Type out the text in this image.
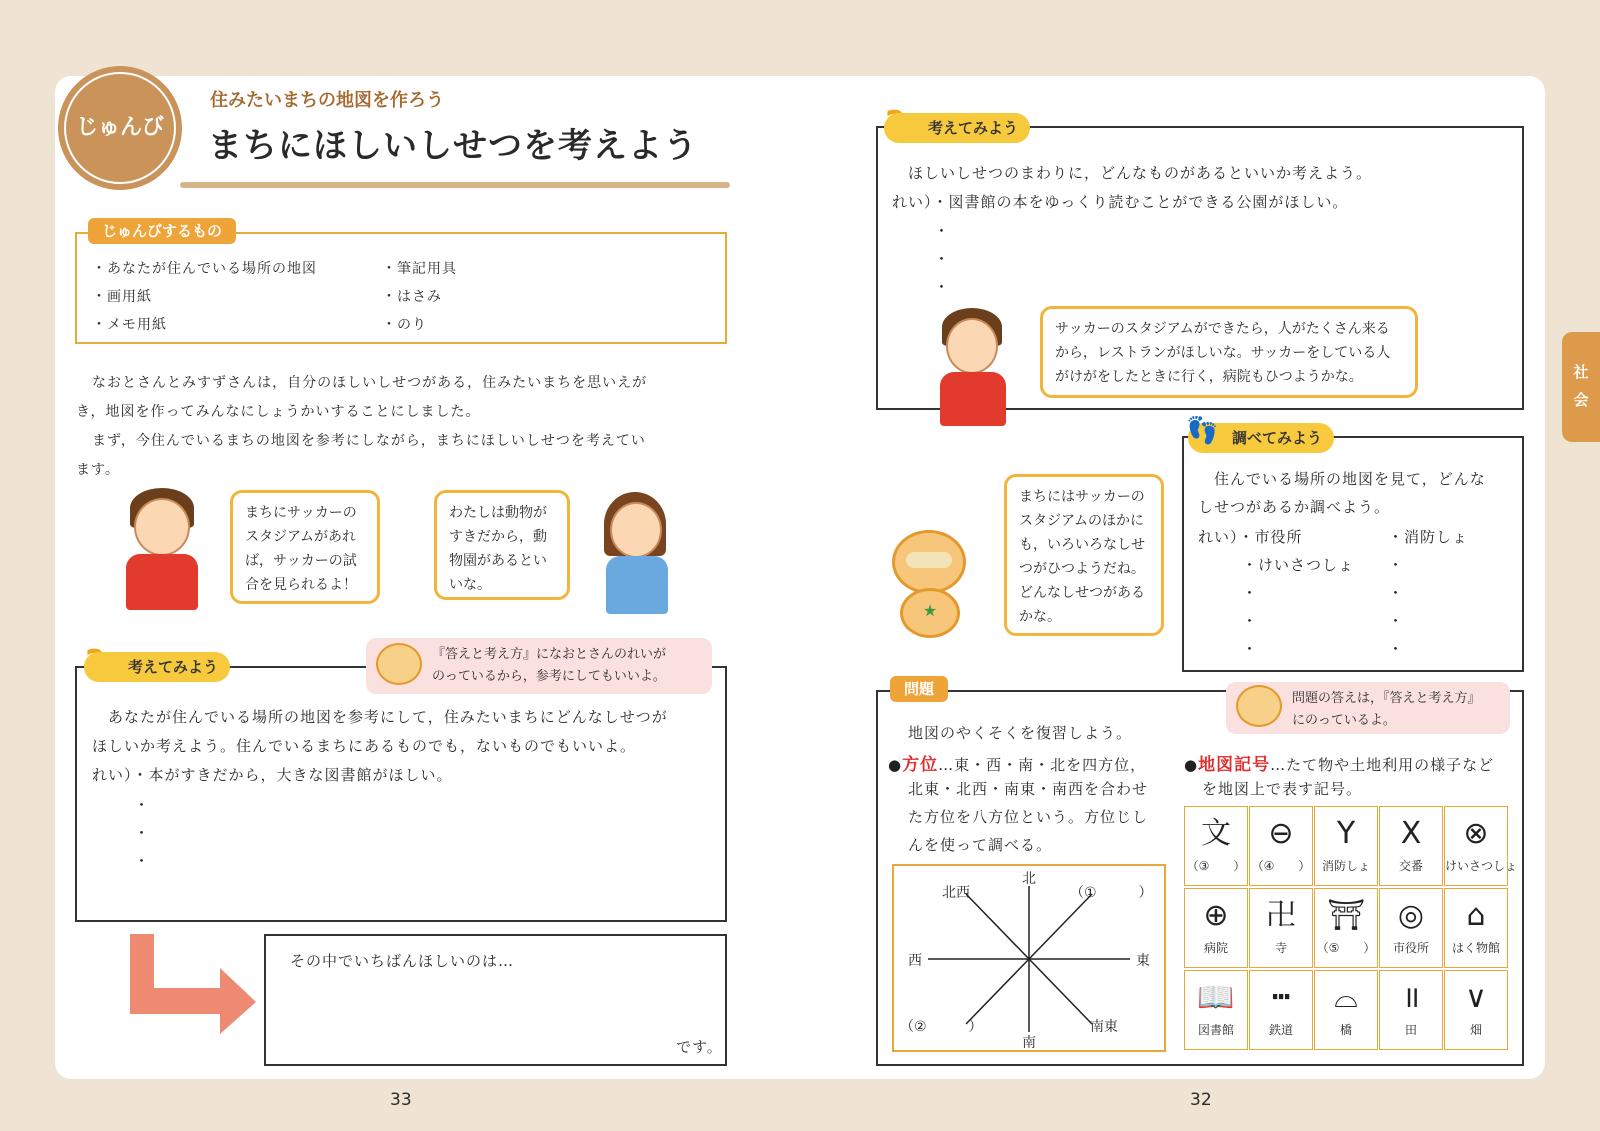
じゅんび
住みたいまちの地図を作ろう
まちにほしいしせつを考えよう
じゅんびするもの
・あなたが住んでいる場所の地図
・画用紙
・メモ用紙
・筆記用具
・はさみ
・のり
なおとさんとみすずさんは，自分のほしいしせつがある，住みたいまちを思いえが
き，地図を作ってみんなにしょうかいすることにしました。
まず，今住んでいるまちの地図を参考にしながら，まちにほしいしせつを考えてい
ます。
まちにサッカーの
スタジアムがあれ
ば，サッカーの試
合を見られるよ！
わたしは動物が
すきだから，動
物園があるとい
いな。
考えてみよう
『答えと考え方』になおとさんのれいが
のっているから，参考にしてもいいよ。
あなたが住んでいる場所の地図を参考にして，住みたいまちにどんなしせつが
ほしいか考えよう。住んでいるまちにあるものでも，ないものでもいいよ。
れい）・本がすきだから，大きな図書館がほしい。
・
・
・
その中でいちばんほしいのは…
です。
33
考えてみよう
ほしいしせつのまわりに，どんなものがあるといいか考えよう。
れい）・図書館の本をゆっくり読むことができる公園がほしい。
・
・
・
サッカーのスタジアムができたら，人がたくさん来る
から，レストランがほしいな。サッカーをしている人
がけがをしたときに行く，病院もひつようかな。
調べてみよう
👣
住んでいる場所の地図を見て，どんな
しせつがあるか調べよう。
れい）・市役所	・消防しょ
・けいさつしょ ・
・
・
・
・
・
・
★
まちにはサッカーの
スタジアムのほかに
も，いろいろなしせ
つがひつようだね。
どんなしせつがある
かな。
問題
問題の答えは，『答えと考え方』
にのっているよ。
地図のやくそくを復習しよう。
●方位…東・西・南・北を四方位，
北東・北西・南東・南西を合わせ
た方位を八方位という。方位じし
んを使って調べる。
●地図記号…たて物や土地利用の様子など
を地図上で表す記号。
北
南
西	東
北西
南東
（①　　　）
（②　　　）
文
（③　　）
⊖
（④　　）
Y
消防しょ
X
交番
⊗
けいさつしょ
⊕
病院
卍
寺
⛩
（⑤　　）
◎
市役所
⌂
はく物館
📖
図書館
┅
鉄道
⌓
橋
॥
田
∨
畑
社
会
32
